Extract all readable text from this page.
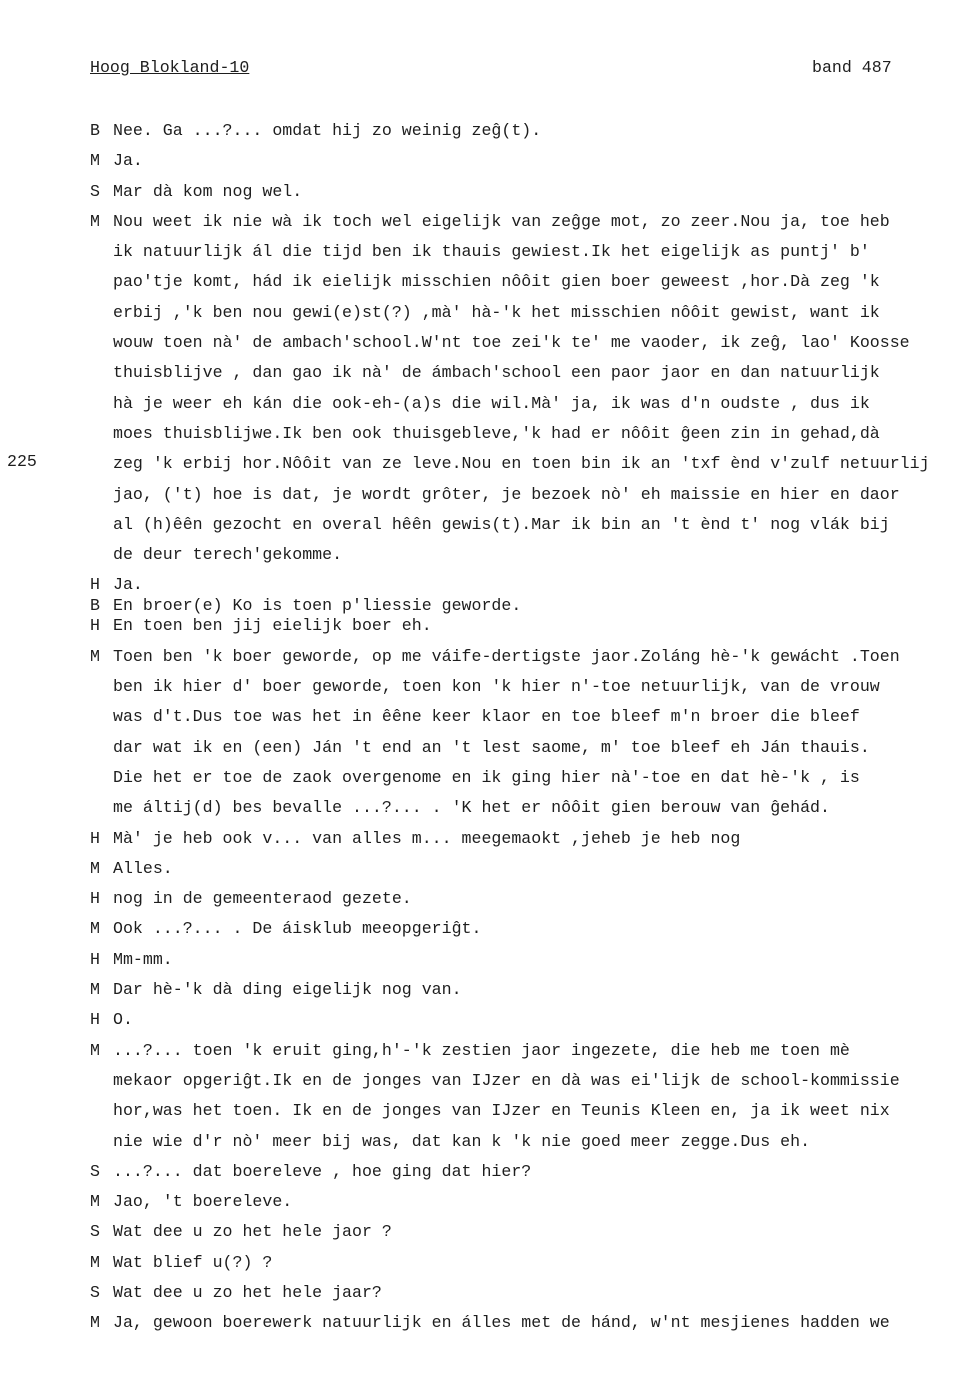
Hoog Blokland-10	band 487
225
B Nee. Ga ...?... omdat hij zo weinig zeĝ(t).
M Ja.
S Mar dà kom nog wel.
M Nou weet ik nie wà ik toch wel eigelijk van zeĝge mot, zo zeer.Nou ja, toe heb
ik natuurlijk ál die tijd ben ik thauis gewiest.Ik het eigelijk as puntj' b'
pao'tje komt, hád ik eielijk misschien nôôit gien boer geweest ,hor.Dà zeg 'k
erbij ,'k ben nou gewi(e)st(?) ,mà' hà-'k het misschien nôôit gewist, want ik
wouw toen nà' de ambach'school.W'nt toe zei'k te' me vaoder, ik zeĝ, lao' Koosse
thuisblijve , dan gao ik nà' de ámbach'school een paor jaor en dan natuurlijk
hà je weer eh kán die ook-eh-(a)s die wil.Mà' ja, ik was d'n oudste , dus ik
moes thuisblijwe.Ik ben ook thuisgebleve,'k had er nôôit ĝeen zin in gehad,dà
zeg 'k erbij hor.Nôôit van ze leve.Nou en toen bin ik an 'txf ènd v'zulf netuurlij
jao, ('t) hoe is dat, je wordt grôter, je bezoek nò' eh maissie en hier en daor
al (h)êên gezocht en overal hêên gewis(t).Mar ik bin an 't ènd t' nog vlák bij
de deur terech'gekomme.
H Ja.
B En broer(e) Ko is toen p'liessie geworde.
H En toen ben jij eielijk boer eh.
M Toen ben 'k boer geworde, op me váife-dertigste jaor.Zoláng hè-'k gewácht .Toen
ben ik hier d' boer geworde, toen kon 'k hier n'-toe netuurlijk, van de vrouw
was d't.Dus toe was het in êêne keer klaor en toe bleef m'n broer die bleef
dar wat ik en (een) Ján 't end an 't lest saome, m' toe bleef eh Ján thauis.
Die het er toe de zaok overgenome en ik ging hier nà'-toe en dat hè-'k , is
me áltij(d) bes bevalle ...?... . 'K het er nôôit gien berouw van ĝehád.
H Mà' je heb ook v... van alles m... meegemaokt ,jeheb je heb nog
M Alles.
H nog in de gemeenteraod gezete.
M Ook ...?... . De áisklub meeopgeriĝt.
H Mm-mm.
M Dar hè-'k dà ding eigelijk nog van.
H O.
M ...?... toen 'k eruit ging,h'-'k zestien jaor ingezete, die heb me toen mè
mekaor opgeriĝt.Ik en de jonges van IJzer en dà was ei'lijk de school-kommissie
hor,was het toen. Ik en de jonges van IJzer en Teunis Kleen en, ja ik weet nix
nie wie d'r nò' meer bij was, dat kan k 'k nie goed meer zegge.Dus eh.
S ...?... dat boereleve , hoe ging dat hier?
M Jao, 't boereleve.
S Wat dee u zo het hele jaor ?
M Wat blief u(?) ?
S Wat dee u zo het hele jaar?
M Ja, gewoon boerewerk natuurlijk en álles met de hánd, w'nt mesjienes hadden we
